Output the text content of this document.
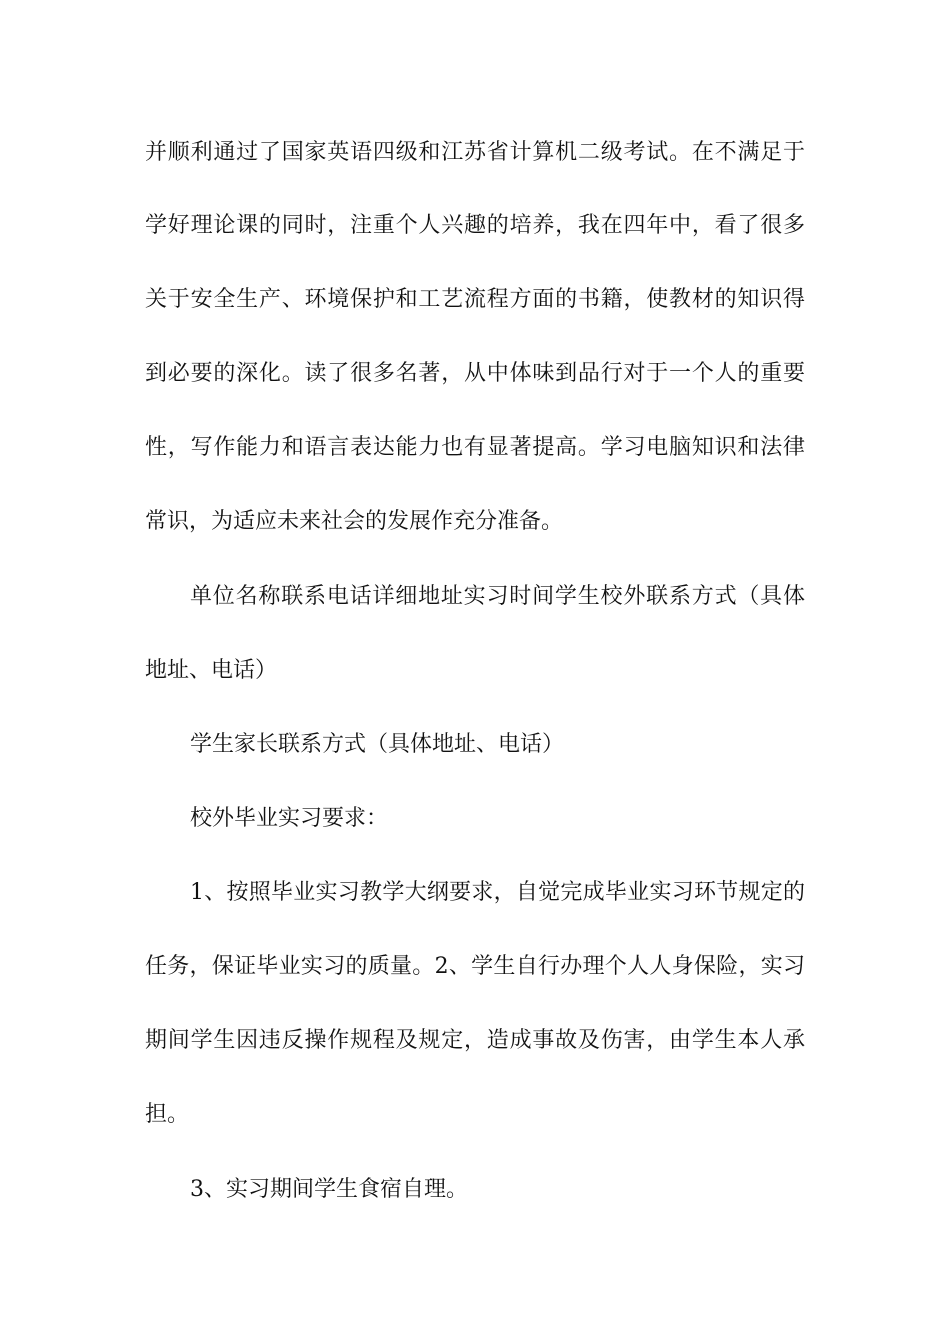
并顺利通过了国家英语四级和江苏省计算机二级考试。在不满足于
学好理论课的同时，注重个人兴趣的培养，我在四年中，看了很多
关于安全生产、环境保护和工艺流程方面的书籍，使教材的知识得
到必要的深化。读了很多名著，从中体味到品行对于一个人的重要
性，写作能力和语言表达能力也有显著提高。学习电脑知识和法律
常识，为适应未来社会的发展作充分准备。
单位名称联系电话详细地址实习时间学生校外联系方式（具体
地址、电话）
学生家长联系方式（具体地址、电话）
校外毕业实习要求：
1、按照毕业实习教学大纲要求，自觉完成毕业实习环节规定的
任务，保证毕业实习的质量。2、学生自行办理个人人身保险，实习
期间学生因违反操作规程及规定，造成事故及伤害，由学生本人承
担。
3、实习期间学生食宿自理。
